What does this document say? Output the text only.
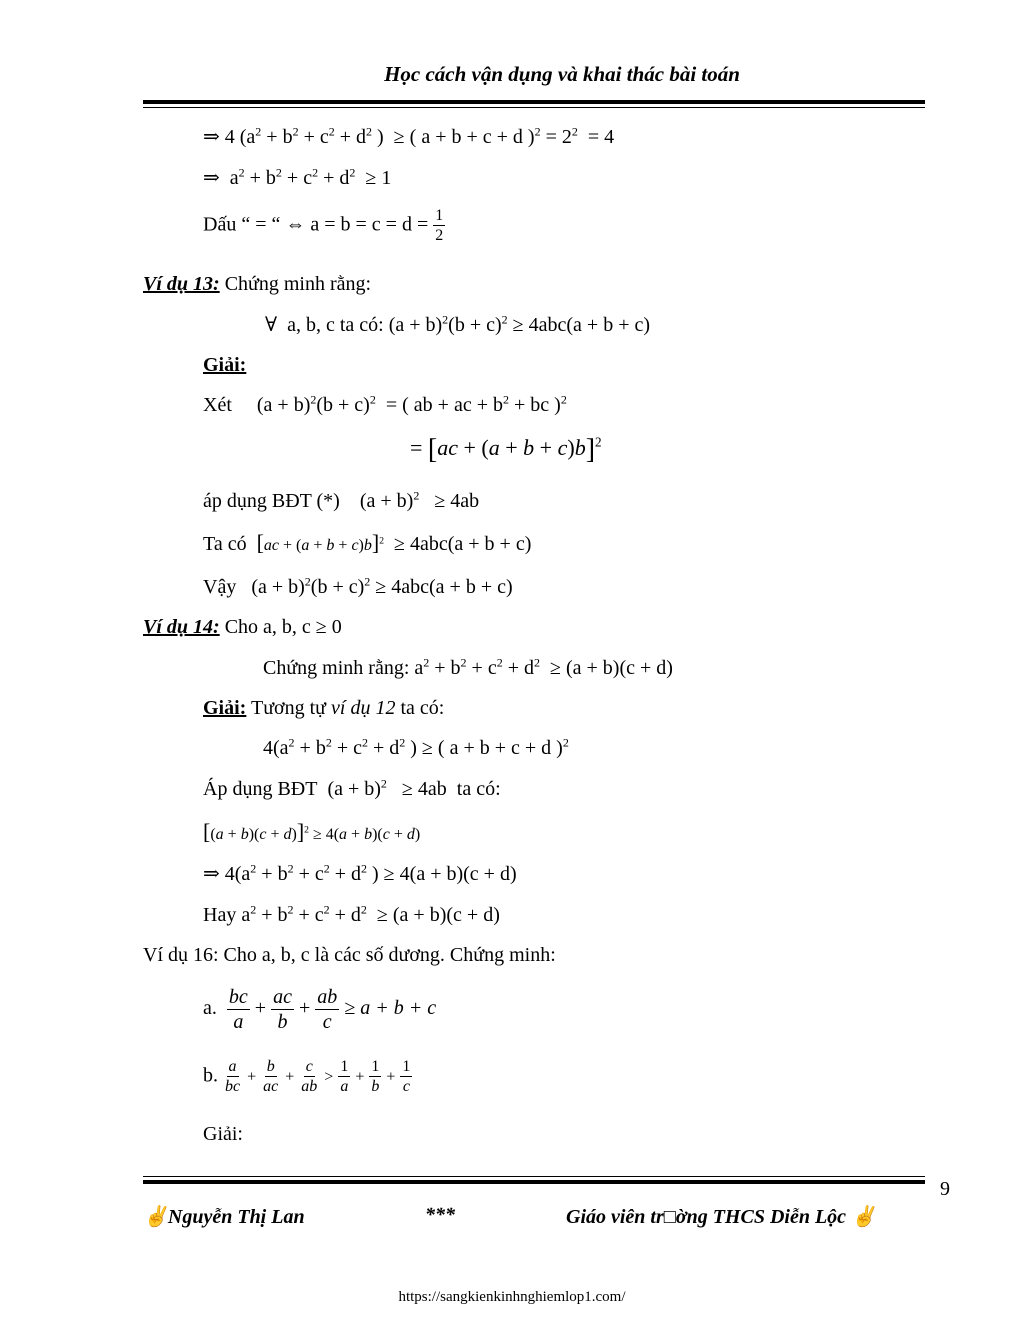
Học cách vận dụng và khai thác bài toán
⇒ 4 ($a^2 + b^2 + c^2 + d^2$ )  ≥ ( a + b + c + d )$^2 = 2^2 = 4$
⇒  $a^2 + b^2 + c^2 + d^2 \ge 1$
Dấu “ = “ ⇔ $a = b = c = d = \frac{1}{2}$
Ví dụ 13: Chứng minh rằng:
∀  a, b, c ta có: $(a + b)^2(b + c)^2 \ge 4abc(a + b + c)$
Giải:
Xét     $(a + b)^2(b + c)^2$  = ( ab + ac + $b^2$ + bc )$^2$
= [ac + (a + b + c)b]$^2$
áp dụng BĐT (*)    $(a + b)^2 \ge 4ab$
Ta có [ac + (a + b + c)b]$^2$ ≥ 4abc(a + b + c)
Vậy   $(a + b)^2(b + c)^2 \ge 4abc(a + b + c)$
Ví dụ 14: Cho a, b, c ≥ 0
Chứng minh rằng: $a^2 + b^2 + c^2 + d^2 \ge (a + b)(c + d)$
Giải: Tương tự ví dụ 12 ta có:
$4(a^2 + b^2 + c^2 + d^2$ ) ≥ ( a + b + c + d )$^2$
Áp dụng BĐT  $(a + b)^2 \ge 4ab$  ta có:
$[(a + b)(c + d)]^2 \ge 4(a + b)(c + d)$
⇒ $4(a^2 + b^2 + c^2 + d^2$ ) ≥ 4(a + b)(c + d)
Hay $a^2 + b^2 + c^2 + d^2 \ge (a + b)(c + d)$
Ví dụ 16: Cho a, b, c là các số dương. Chứng minh:
a. $\frac{bc}{a} + \frac{ac}{b} + \frac{ab}{c} \ge a + b + c$
b. $\frac{a}{bc} + \frac{b}{ac} + \frac{c}{ab} > \frac{1}{a} + \frac{1}{b} + \frac{1}{c}$
Giải:
9
✌Nguyễn Thị Lan	***	Giáo viên tr□ờng THCS Diễn Lộc ✌
https://sangkienkinhnghiemlop1.com/
